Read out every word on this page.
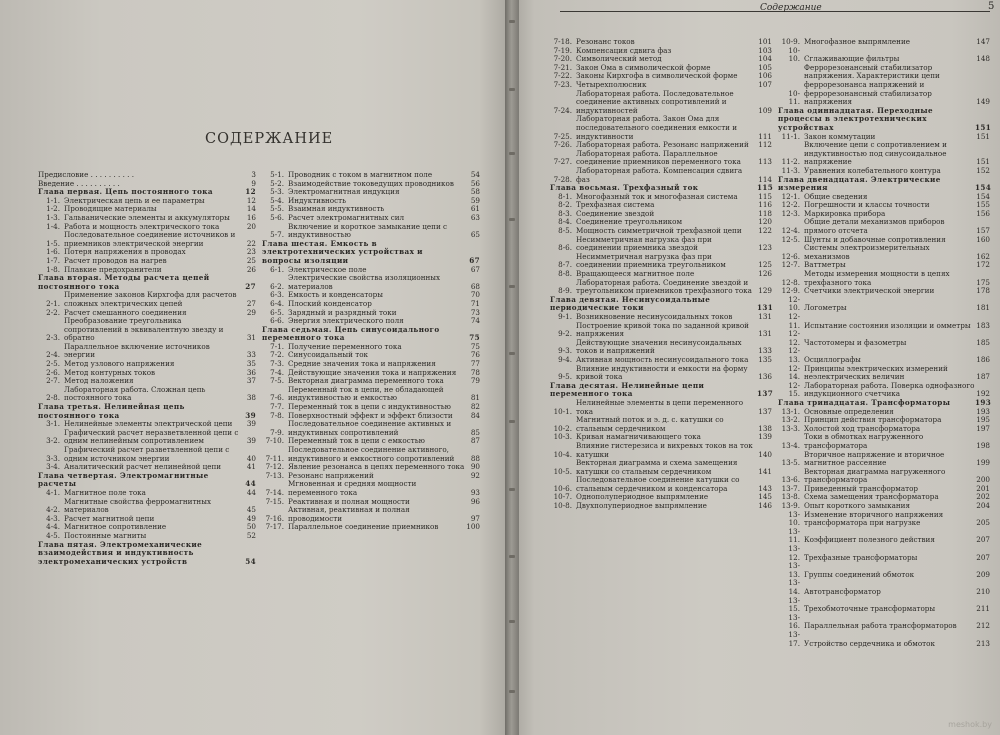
СОДЕРЖАНИЕ
Предисловие . . . . . . . . . .	3
Введение . . . . . . . . . .	9
Глава первая. Цепь постоянного тока	12
1-1. Электрическая цепь и ее параметры	12
1-2. Проводящие материалы	14
1-3. Гальванические элементы и аккумуляторы	16
1-4. Работа и мощность электрического тока	20
1-5.
Последовательное соединение источников и приемников электрической энергии	22
1-6. Потеря напряжения в проводах	23
1-7. Расчет проводов на нагрев	25
1-8. Плавкие предохранители	26
Глава вторая. Методы расчета цепей постоянного тока	27
2-1.
Применение законов Кирхгофа для расчетов сложных электрических цепей	27
2-2. Расчет смешанного соединения	29
2-3.
Преобразование треугольника сопротивлений в эквивалентную звезду и обратно	31
2-4.
Параллельное включение источников энергии	33
2-5. Метод узлового напряжения	35
2-6. Метод контурных токов	36
2-7. Метод наложения	37
2-8.
Лабораторная работа. Сложная цепь постоянного тока	38
Глава третья. Нелинейная цепь постоянного тока	39
3-1. Нелинейные элементы электрической цепи	39
3-2.
Графический расчет неразветвленной цепи с одним нелинейным сопротивлением	39
3-3.
Графический расчет разветвленной цепи с одним источником энергии	40
3-4. Аналитический расчет нелинейной цепи	41
Глава четвертая. Электромагнитные расчеты	44
4-1. Магнитное поле тока	44
4-2.
Магнитные свойства ферромагнитных материалов	45
4-3. Расчет магнитной цепи	49
4-4. Магнитное сопротивление	50
4-5. Постоянные магниты	52
Глава пятая. Электромеханические взаимодействия и индуктивность электромеханических устройств	54
5-1. Проводник с током в магнитном поле	54
5-2. Взаимодействие токоведущих проводников	56
5-3. Электромагнитная индукция	58
5-4. Индуктивность	59
5-5. Взаимная индуктивность	61
5-6. Расчет электромагнитных сил	63
5-7.
Включение и короткое замыкание цепи с индуктивностью	65
Глава шестая. Емкость в электротехнических устройствах и вопросы изоляции	67
6-1. Электрическое поле	67
6-2.
Электрические свойства изоляционных материалов	68
6-3. Емкость и конденсаторы	70
6-4. Плоский конденсатор	71
6-5. Зарядный и разрядный токи	73
6-6. Энергия электрического поля	74
Глава седьмая. Цепь синусоидального переменного тока	75
7-1. Получение переменного тока	75
7-2. Синусоидальный ток	76
7-3. Средние значения тока и напряжения	77
7-4. Действующие значения тока и напряжения	78
7-5. Векторная диаграмма переменного тока	79
7-6.
Переменный ток в цепи, не обладающей индуктивностью и емкостью	81
7-7. Переменный ток в цепи с индуктивностью	82
7-8. Поверхностный эффект и эффект близости	84
7-9.
Последовательное соединение активных и индуктивных сопротивлений	85
7-10. Переменный ток в цепи с емкостью	87
7-11.
Последовательное соединение активного, индуктивного и емкостного сопротивлений	88
7-12. Явление резонанса в цепях переменного тока 90
7-13. Резонанс напряжений	92
7-14.
Мгновенная и средняя мощности переменного тока	93
7-15. Реактивная и полная мощности	96
7-16.
Активная, реактивная и полная проводимости	97
7-17. Параллельное соединение приемников	100
7-18. Резонанс токов	101
7-19. Компенсация сдвига фаз	103
7-20. Символический метод	104
7-21. Закон Ома в символической форме	105
7-22. Законы Кирхгофа в символической форме	106
7-23. Четырехполюсник	107
7-24.
Лабораторная работа. Последовательное соединение активных сопротивлений и индуктивностей	109
7-25.
Лабораторная работа. Закон Ома для последовательного соединения емкости и индуктивности	111
7-26. Лабораторная работа. Резонанс напряжений	112
7-27.
Лабораторная работа. Параллельное соединение приемников переменного тока	113
7-28.
Лабораторная работа. Компенсация сдвига фаз	114
Глава восьмая. Трехфазный ток	115
8-1. Многофазный ток и многофазная система	115
8-2. Трехфазная система	116
8-3. Соединение звездой	118
8-4. Соединение треугольником	120
8-5. Мощность симметричной трехфазной цепи	122
8-6.
Несимметричная нагрузка фаз при соединении приемника звездой	123
8-7.
Несимметричная нагрузка фаз при соединении приемника треугольником	125
8-8. Вращающееся магнитное поле	126
8-9.
Лабораторная работа. Соединение звездой и треугольником приемников трехфазного тока 129
Глава девятая. Несинусоидальные периодические токи	131
9-1. Возникновение несинусоидальных токов	131
9-2.
Построение кривой тока по заданной кривой напряжения	131
9-3.
Действующие значения несинусоидальных токов и напряжений	133
9-4. Активная мощность несинусоидального тока	135
9-5.
Влияние индуктивности и емкости на форму кривой тока	136
Глава десятая. Нелинейные цепи переменного тока	137
10-1.
Нелинейные элементы в цепи переменного тока	137
10-2.
Магнитный поток и э. д. с. катушки со стальным сердечником	138
10-3. Кривая намагничивающего тока	139
10-4.
Влияние гистерезиса и вихревых токов на ток катушки	140
10-5.
Векторная диаграмма и схема замещения катушки со стальным сердечником	141
10-6.
Последовательное соединение катушки со стальным сердечником и конденсатора	143
10-7. Однополупериодное выпрямление	145
10-8. Двухполупериодное выпрямление	146
10-9. Многофазное выпрямление	147
10-10. Сглаживающие фильтры	148
10-11.
Феррорезонансный стабилизатор напряжения. Характеристики цепи феррорезонанса напряжений и феррорезонансный стабилизатор напряжения	149
Глава одиннадцатая. Переходные процессы в электротехнических устройствах	151
11-1. Закон коммутации	151
11-2.
Включение цепи с сопротивлением и индуктивностью под синусоидальное напряжение	151
11-3. Уравнения колебательного контура	152
Глава двенадцатая. Электрические измерения	154
12-1. Общие сведения	154
12-2. Погрешности и классы точности	155
12-3. Маркировка прибора	156
12-4.
Общие детали механизмов приборов прямого отсчета	157
12-5. Шунты и добавочные сопротивления	160
12-6.
Системы электроизмерительных механизмов	162
12-7. Ваттметры	172
12-8.
Методы измерения мощности в цепях трехфазного тока	175
12-9. Счетчики электрической энергии	178
12-10. Логометры	181
12-11. Испытание состояния изоляции и омметры 183
12-12. Частотомеры и фазометры	185
12-13. Осциллографы	186
12-14.
Принципы электрических измерений неэлектрических величин	187
12-15.
Лабораторная работа. Поверка однофазного индукционного счетчика	192
Глава тринадцатая. Трансформаторы	193
13-1. Основные определения	193
13-2. Принцип действия трансформатора	195
13-3. Холостой ход трансформатора	197
13-4.
Токи в обмотках нагруженного трансформатора	198
13-5.
Вторичное напряжение и вторичное магнитное рассеяние	199
13-6.
Векторная диаграмма нагруженного трансформатора	200
13-7. Приведенный трансформатор	201
13-8. Схема замещения трансформатора	202
13-9. Опыт короткого замыкания	204
13-10.
Изменение вторичного напряжения трансформатора при нагрузке	205
13-11. Коэффициент полезного действия	207
13-12. Трехфазные трансформаторы	207
13-13. Группы соединений обмоток	209
13-14. Автотрансформатор	210
13-15. Трехобмоточные трансформаторы	211
13-16. Параллельная работа трансформаторов	212
13-17. Устройство сердечника и обмоток	213
Содержание	5
meshok.by
